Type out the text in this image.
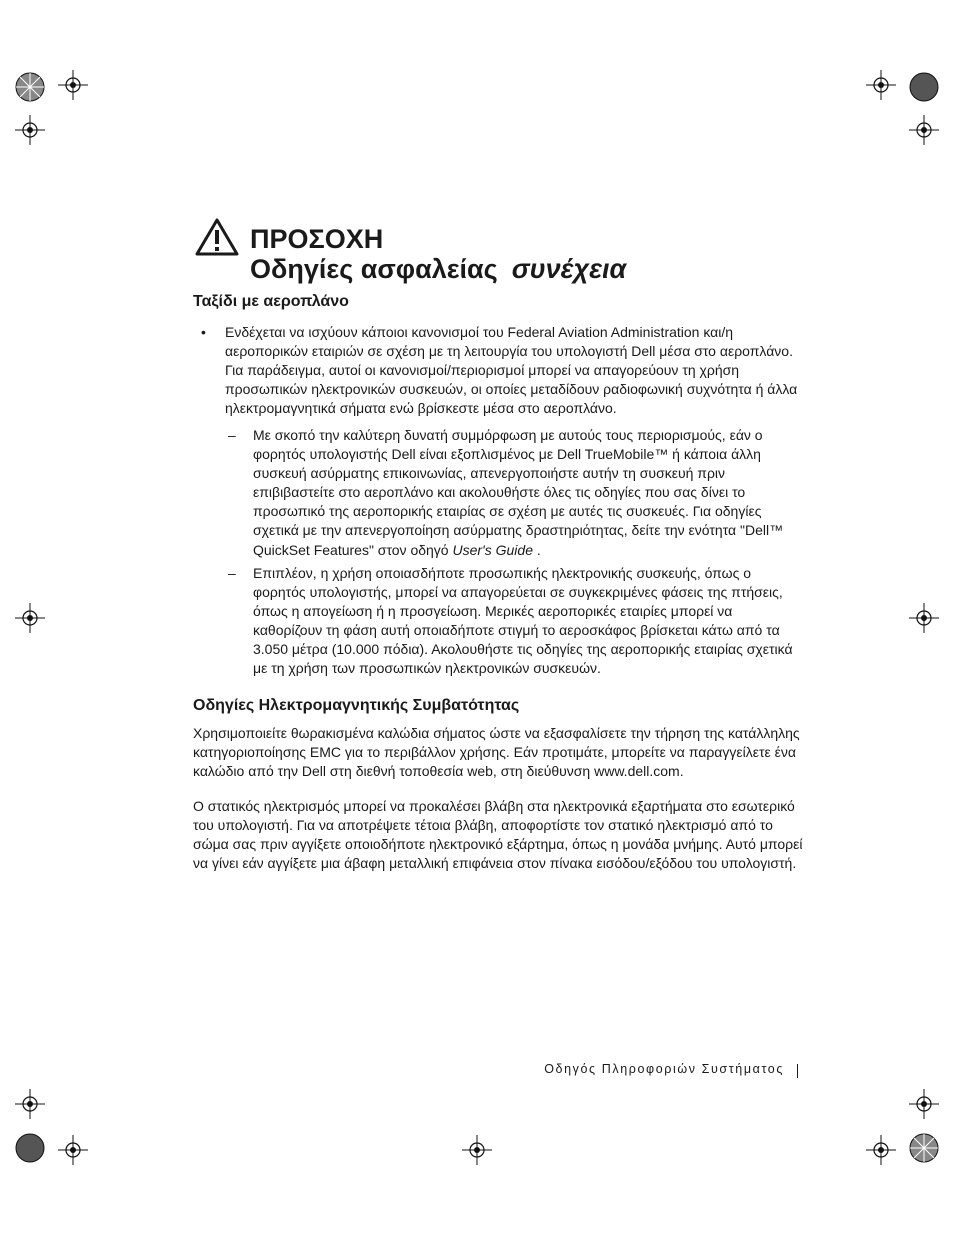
ΠΡΟΣΟΧΗ
Οδηγίες ασφαλείας συνέχεια
Ταξίδι με αεροπλάνο
• Ενδέχεται να ισχύουν κάποιοι κανονισμοί του Federal Aviation Administration και/η αεροπορικών εταιριών σε σχέση με τη λειτουργία του υπολογιστή Dell μέσα στο αεροπλάνο. Για παράδειγμα, αυτοί οι κανονισμοί/περιορισμοί μπορεί να απαγορεύουν τη χρήση προσωπικών ηλεκτρονικών συσκευών, οι οποίες μεταδίδουν ραδιοφωνική συχνότητα ή άλλα ηλεκτρομαγνητικά σήματα ενώ βρίσκεστε μέσα στο αεροπλάνο.

– Με σκοπό την καλύτερη δυνατή συμμόρφωση με αυτούς τους περιορισμούς, εάν ο φορητός υπολογιστής Dell είναι εξοπλισμένος με Dell TrueMobile™ ή κάποια άλλη συσκευή ασύρματης επικοινωνίας, απενεργοποιήστε αυτήν τη συσκευή πριν επιβιβαστείτε στο αεροπλάνο και ακολουθήστε όλες τις οδηγίες που σας δίνει το προσωπικό της αεροπορικής εταιρίας σε σχέση με αυτές τις συσκευές. Για οδηγίες σχετικά με την απενεργοποίηση ασύρματης δραστηριότητας, δείτε την ενότητα "Dell™ QuickSet Features" στον οδηγό User's Guide .

– Επιπλέον, η χρήση οποιασδήποτε προσωπικής ηλεκτρονικής συσκευής, όπως ο φορητός υπολογιστής, μπορεί να απαγορεύεται σε συγκεκριμένες φάσεις της πτήσεις, όπως η απογείωση ή η προσγείωση. Μερικές αεροπορικές εταιρίες μπορεί να καθορίζουν τη φάση αυτή οποιαδήποτε στιγμή το αεροσκάφος βρίσκεται κάτω από τα 3.050 μέτρα (10.000 πόδια). Ακολουθήστε τις οδηγίες της αεροπορικής εταιρίας σχετικά με τη χρήση των προσωπικών ηλεκτρονικών συσκευών.

Οδηγίες Ηλεκτρομαγνητικής Συμβατότητας

Χρησιμοποιείτε θωρακισμένα καλώδια σήματος ώστε να εξασφαλίσετε την τήρηση της κατάλληλης κατηγοριοποίησης EMC για το περιβάλλον χρήσης. Εάν προτιμάτε, μπορείτε να παραγγείλετε ένα καλώδιο από την Dell στη διεθνή τοποθεσία web, στη διεύθυνση www.dell.com.

Ο στατικός ηλεκτρισμός μπορεί να προκαλέσει βλάβη στα ηλεκτρονικά εξαρτήματα στο εσωτερικό του υπολογιστή. Για να αποτρέψετε τέτοια βλάβη, αποφορτίστε τον στατικό ηλεκτρισμό από το σώμα σας πριν αγγίξετε οποιοδήποτε ηλεκτρονικό εξάρτημα, όπως η μονάδα μνήμης. Αυτό μπορεί να γίνει εάν αγγίξετε μια άβαφη μεταλλική επιφάνεια στον πίνακα εισόδου/εξόδου του υπολογιστή.

Οδηγός Πληροφοριών Συστήματος
